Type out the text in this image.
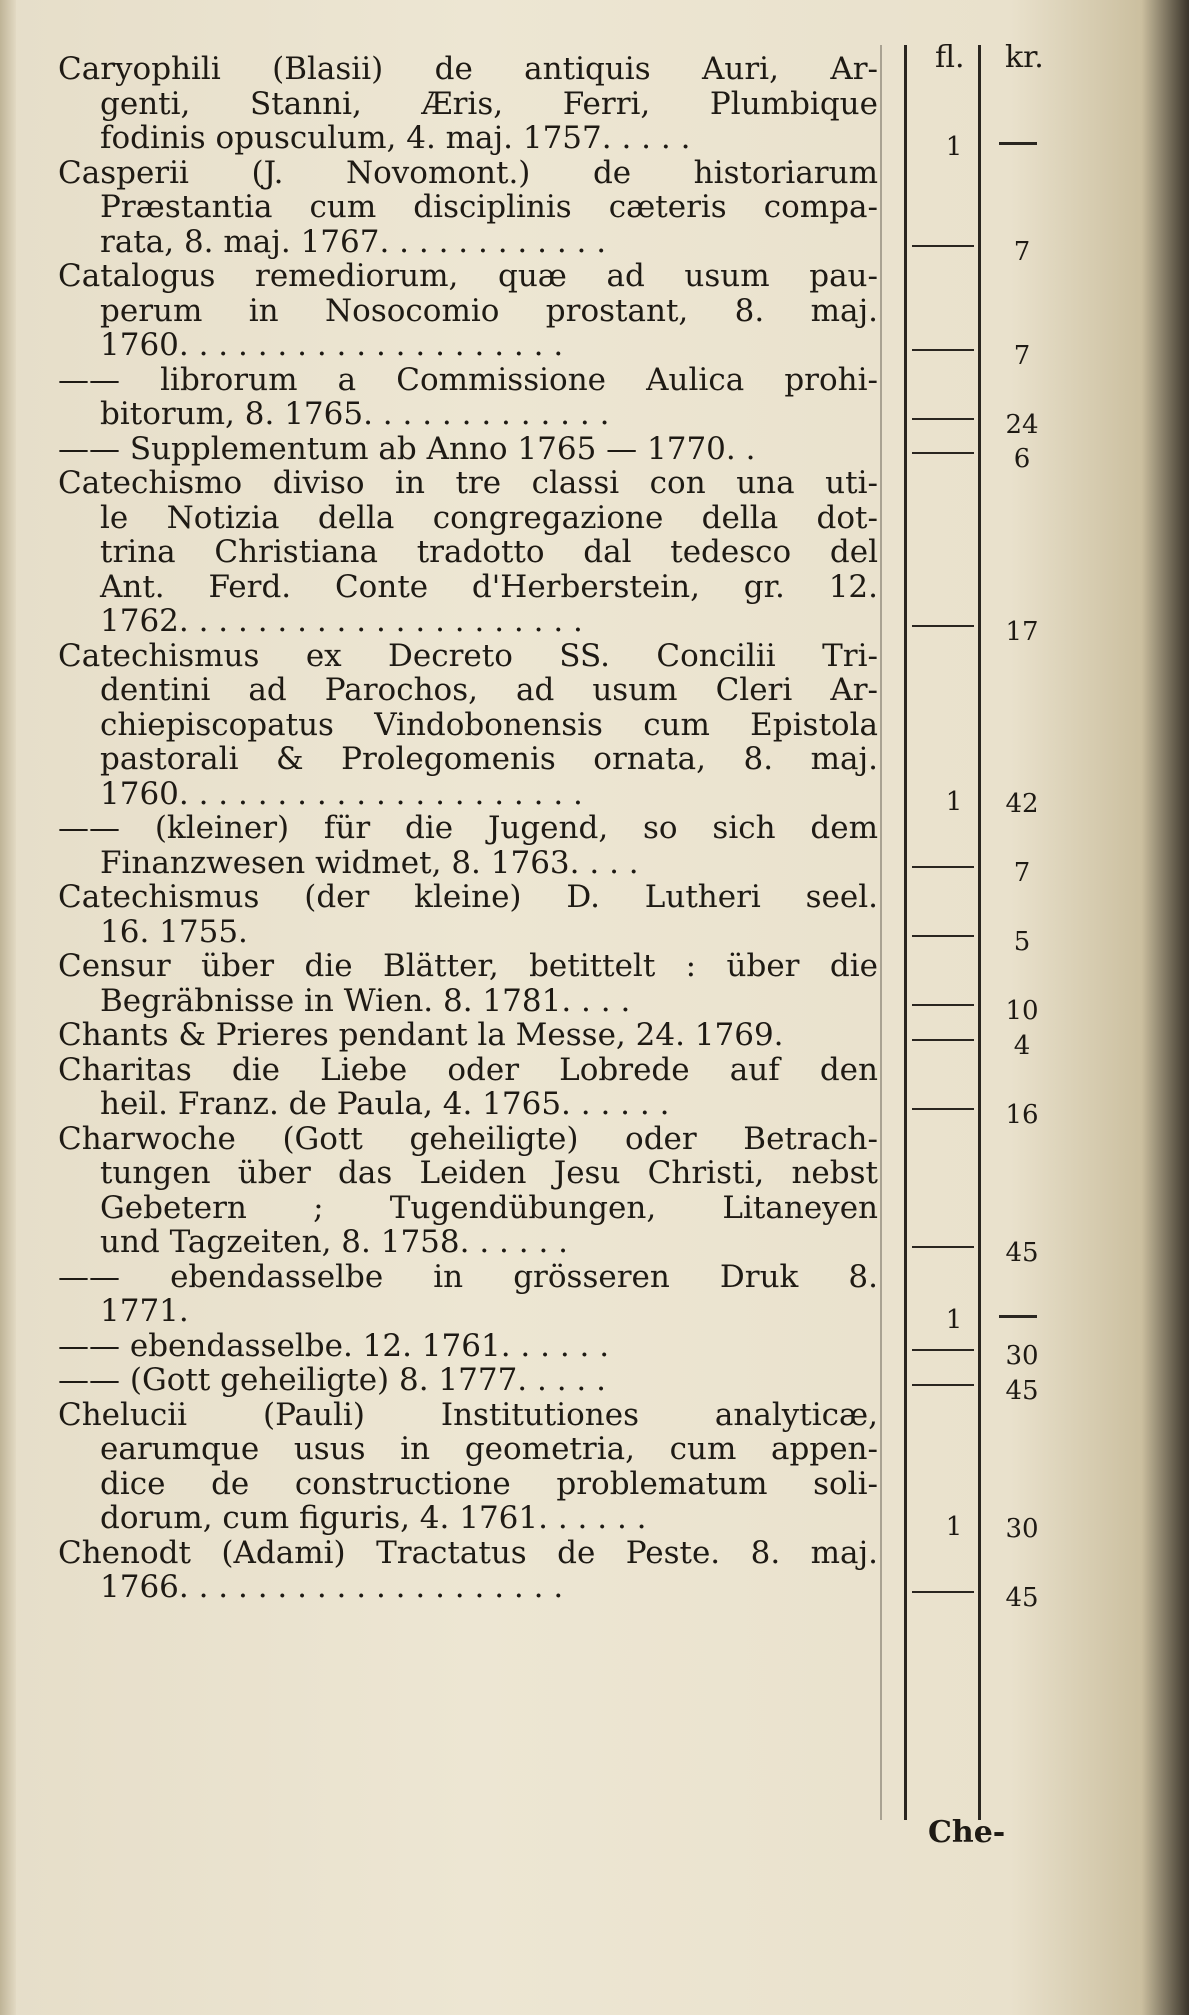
fl. kr.
Caryophili (Blasii) de antiquis Auri, Ar-
genti, Stanni, Æris, Ferri, Plumbique
fodinis opusculum, 4. maj. 1757. . . . .
Casperii (J. Novomont.) de historiarum
Præstantia cum disciplinis cæteris compa-
rata, 8. maj. 1767. . . . . . . . . . . .
Catalogus remediorum, quæ ad usum pau-
perum in Nosocomio prostant, 8. maj.
1760. . . . . . . . . . . . . . . . . . . .
—— librorum a Commissione Aulica prohi-
bitorum, 8. 1765. . . . . . . . . . . . .
—— Supplementum ab Anno 1765 — 1770. .
Catechismo diviso in tre classi con una uti-
le Notizia della congregazione della dot-
trina Christiana tradotto dal tedesco del
Ant. Ferd. Conte d'Herberstein, gr. 12.
1762. . . . . . . . . . . . . . . . . . . . .
Catechismus ex Decreto SS. Concilii Tri-
dentini ad Parochos, ad usum Cleri Ar-
chiepiscopatus Vindobonensis cum Epistola
pastorali & Prolegomenis ornata, 8. maj.
1760. . . . . . . . . . . . . . . . . . . . .
—— (kleiner) für die Jugend, so sich dem
Finanzwesen widmet, 8. 1763. . . .
Catechismus (der kleine) D. Lutheri seel.
16. 1755.
Censur über die Blätter, betittelt : über die
Begräbnisse in Wien. 8. 1781. . . .
Chants & Prieres pendant la Messe, 24. 1769.
Charitas die Liebe oder Lobrede auf den
heil. Franz. de Paula, 4. 1765. . . . . .
Charwoche (Gott geheiligte) oder Betrach-
tungen über das Leiden Jesu Christi, nebst
Gebetern ; Tugendübungen, Litaneyen
und Tagzeiten, 8. 1758. . . . . .
—— ebendasselbe in grösseren Druk 8.
1771.
—— ebendasselbe. 12. 1761. . . . . .
—— (Gott geheiligte) 8. 1777. . . . .
Chelucii (Pauli) Institutiones analyticæ,
earumque usus in geometria, cum appen-
dice de constructione problematum soli-
dorum, cum figuris, 4. 1761. . . . . .
Chenodt (Adami) Tractatus de Peste. 8. maj.
1766. . . . . . . . . . . . . . . . . . . .
1
7
7
24
6
17
1	42
7
5
10
4
16
45
1
30
45
1	30
45
Che-
